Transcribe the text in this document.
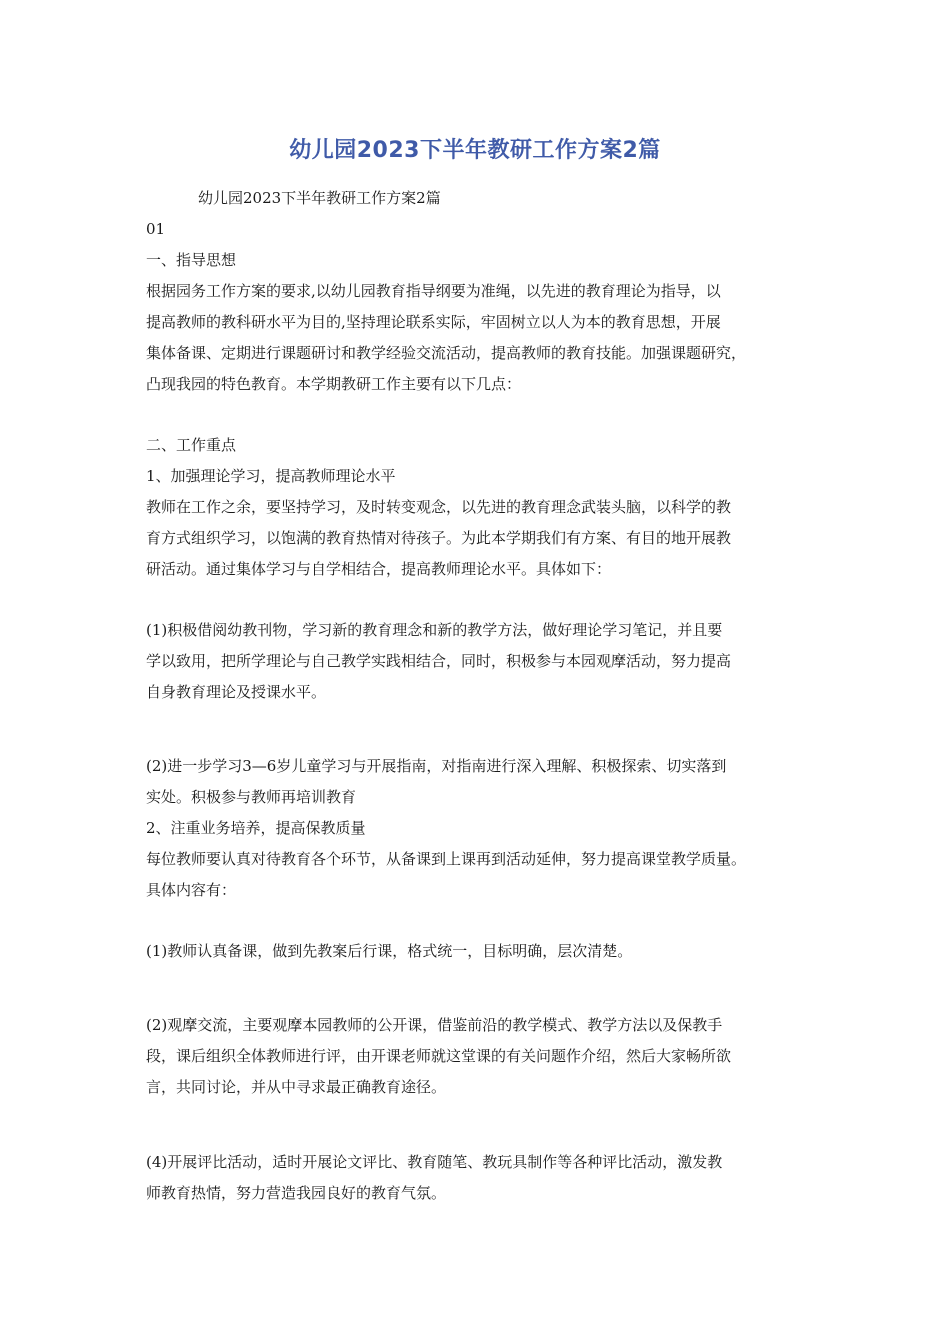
幼儿园2023下半年教研工作方案2篇
幼儿园2023下半年教研工作方案2篇
01
一、指导思想
根据园务工作方案的要求,以幼儿园教育指导纲要为准绳，以先进的教育理论为指导，以
提高教师的教科研水平为目的,坚持理论联系实际，牢固树立以人为本的教育思想，开展
集体备课、定期进行课题研讨和教学经验交流活动，提高教师的教育技能。加强课题研究，
凸现我园的特色教育。本学期教研工作主要有以下几点：
二、工作重点
1、加强理论学习，提高教师理论水平
教师在工作之余，要坚持学习，及时转变观念，以先进的教育理念武装头脑，以科学的教
育方式组织学习，以饱满的教育热情对待孩子。为此本学期我们有方案、有目的地开展教
研活动。通过集体学习与自学相结合，提高教师理论水平。具体如下：
(1)积极借阅幼教刊物，学习新的教育理念和新的教学方法，做好理论学习笔记，并且要
学以致用，把所学理论与自己教学实践相结合，同时，积极参与本园观摩活动，努力提高
自身教育理论及授课水平。
(2)进一步学习3—6岁儿童学习与开展指南，对指南进行深入理解、积极探索、切实落到
实处。积极参与教师再培训教育
2、注重业务培养，提高保教质量
每位教师要认真对待教育各个环节，从备课到上课再到活动延伸，努力提高课堂教学质量。
具体内容有：
(1)教师认真备课，做到先教案后行课，格式统一，目标明确，层次清楚。
(2)观摩交流，主要观摩本园教师的公开课，借鉴前沿的教学模式、教学方法以及保教手
段，课后组织全体教师进行评，由开课老师就这堂课的有关问题作介绍，然后大家畅所欲
言，共同讨论，并从中寻求最正确教育途径。
(4)开展评比活动，适时开展论文评比、教育随笔、教玩具制作等各种评比活动，激发教
师教育热情，努力营造我园良好的教育气氛。
